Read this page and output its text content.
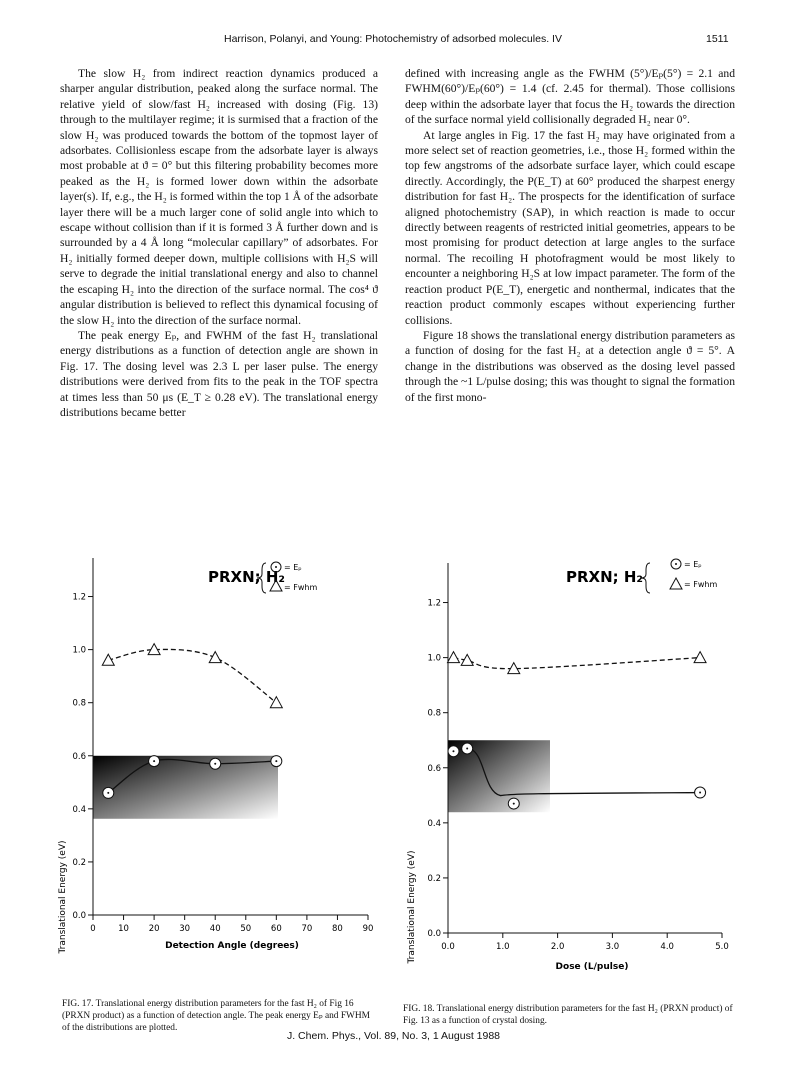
Harrison, Polanyi, and Young: Photochemistry of adsorbed molecules. IV	1511

The slow H₂ from indirect reaction dynamics produced a sharper angular distribution, peaked along the surface normal. The relative yield of slow/fast H₂ increased with dosing (Fig. 13) through to the multilayer regime; it is surmised that a fraction of the slow H₂ was produced towards the bottom of the topmost layer of adsorbates. Collisionless escape from the adsorbate layer is always most probable at ϑ = 0° but this filtering probability becomes more peaked as the H₂ is formed lower down within the adsorbate layer(s). If, e.g., the H₂ is formed within the top 1 Å of the adsorbate layer there will be a much larger cone of solid angle into which to escape without collision than if it is formed 3 Å further down and is surrounded by a 4 Å long “molecular capillary” of adsorbates. For H₂ initially formed deeper down, multiple collisions with H₂S will serve to degrade the initial translational energy and also to channel the escaping H₂ into the direction of the surface normal. The cos⁴ ϑ angular distribution is believed to reflect this dynamical focusing of the slow H₂ into the direction of the surface normal.

The peak energy Eₚ, and FWHM of the fast H₂ translational energy distributions as a function of detection angle are shown in Fig. 17. The dosing level was 2.3 L per laser pulse. The energy distributions were derived from fits to the peak in the TOF spectra at times less than 50 μs (E_T ≥ 0.28 eV). The translational energy distributions became better

defined with increasing angle as the FWHM (5°)/Eₚ(5°) = 2.1 and FWHM(60°)/Eₚ(60°) = 1.4 (cf. 2.45 for thermal). Those collisions deep within the adsorbate layer that focus the H₂ towards the direction of the surface normal yield collisionally degraded H₂ near 0°.

At large angles in Fig. 17 the fast H₂ may have originated from a more select set of reaction geometries, i.e., those H₂ formed within the top few angstroms of the adsorbate surface layer, which could escape directly. Accordingly, the P(E_T) at 60° produced the sharpest energy distribution for fast H₂. The prospects for the identification of surface aligned photochemistry (SAP), in which reaction is made to occur directly between reagents of restricted initial geometries, appears to be most promising for product detection at large angles to the surface normal. The recoiling H photofragment would be most likely to encounter a neighboring H₂S at low impact parameter. The form of the reaction product P(E_T), energetic and nonthermal, indicates that the reaction product commonly escapes without experiencing further collisions.

Figure 18 shows the translational energy distribution parameters as a function of dosing for the fast H₂ at a detection angle ϑ = 5°. A change in the distributions was observed as the dosing level passed through the ~1 L/pulse dosing; this was thought to signal the formation of the first mono-

Translational Energy (eV)	Detection Angle (degrees)
PRXN; H₂
= Eₚ
= Fwhm
0.0
0.2
0.4
0.6
0.8
1.0
1.2
0	10 20 30 40 50 60 70 80 90
FIG. 17. Translational energy distribution parameters for the fast H₂ of Fig 16 (PRXN product) as a function of detection angle. The peak energy Eₚ and FWHM of the distributions are plotted.
Translational Energy (eV)
Dose (L/pulse)
PRXN; H₂
= Eₚ
= Fwhm
0.0
0.2
0.4
0.6
0.8
1.0
1.2
0.0	1.0	2.0	3.0	4.0	5.0
FIG. 18. Translational energy distribution parameters for the fast H₂ (PRXN product) of Fig. 13 as a function of crystal dosing.
J. Chem. Phys., Vol. 89, No. 3, 1 August 1988
